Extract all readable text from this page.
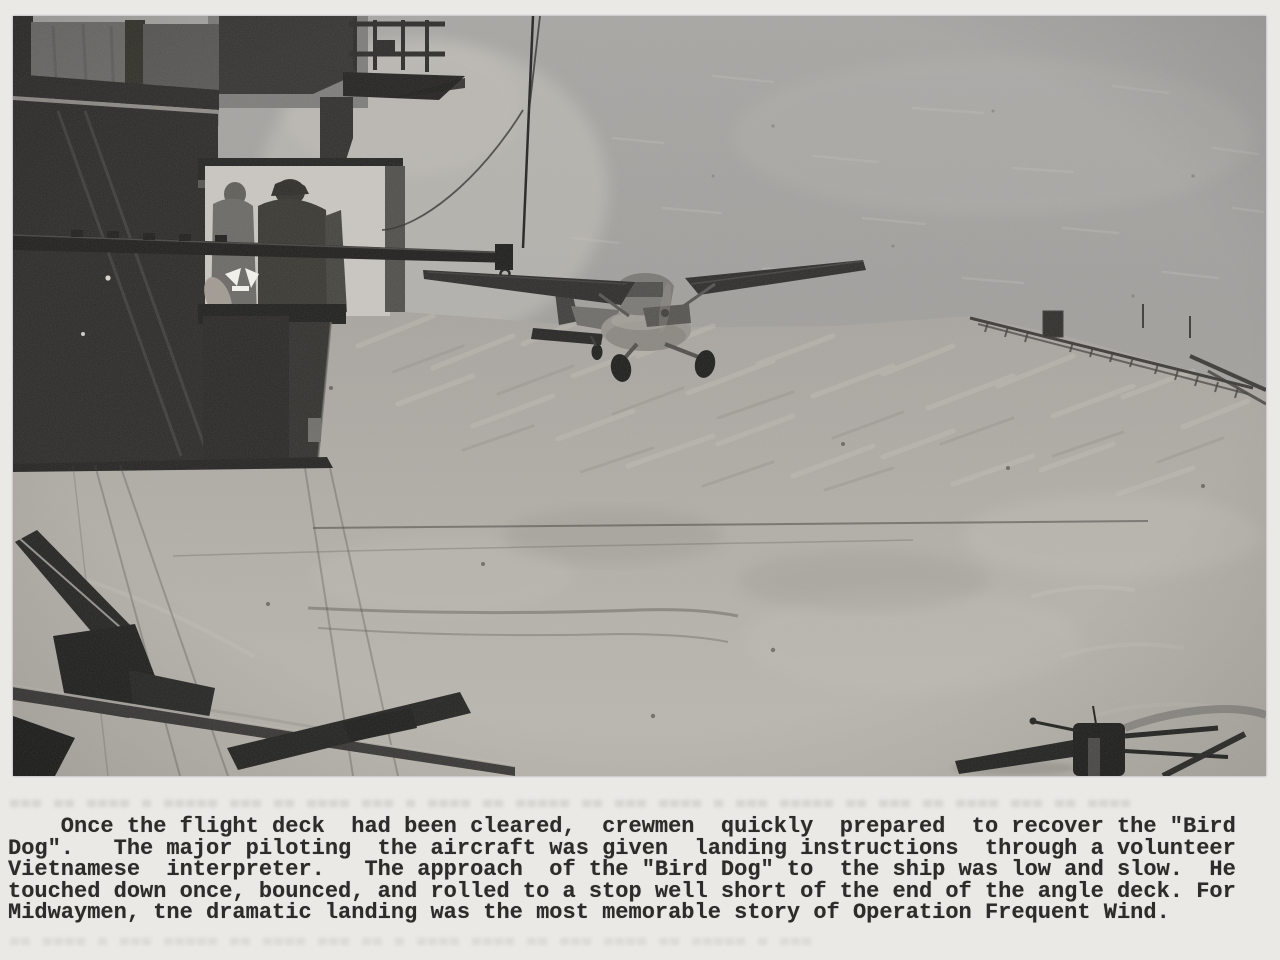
▄▄▄ ▄▄ ▄▄▄▄ ▄ ▄▄▄▄▄ ▄▄▄ ▄▄ ▄▄▄▄ ▄▄▄ ▄ ▄▄▄▄ ▄▄ ▄▄▄▄▄ ▄▄ ▄▄▄ ▄▄▄▄ ▄ ▄▄▄ ▄▄▄▄▄ ▄▄ ▄▄▄ ▄▄ ▄▄▄▄ ▄▄▄ ▄▄ ▄▄▄▄
Once the flight deck  had been cleared,  crewmen  quickly  prepared  to recover the "Bird
Dog".   The major piloting  the aircraft was given  landing instructions  through a volunteer
Vietnamese  interpreter.   The approach  of the "Bird Dog" to  the ship was low and slow.  He
touched down once, bounced, and rolled to a stop well short of the end of the angle deck. For
Midwaymen, tne dramatic landing was the most memorable story of Operation Frequent Wind.
▄▄ ▄▄▄▄ ▄ ▄▄▄ ▄▄▄▄▄ ▄▄ ▄▄▄▄ ▄▄▄ ▄▄ ▄ ▄▄▄▄ ▄▄▄▄ ▄▄ ▄▄▄ ▄▄▄▄ ▄▄ ▄▄▄▄▄ ▄ ▄▄▄
